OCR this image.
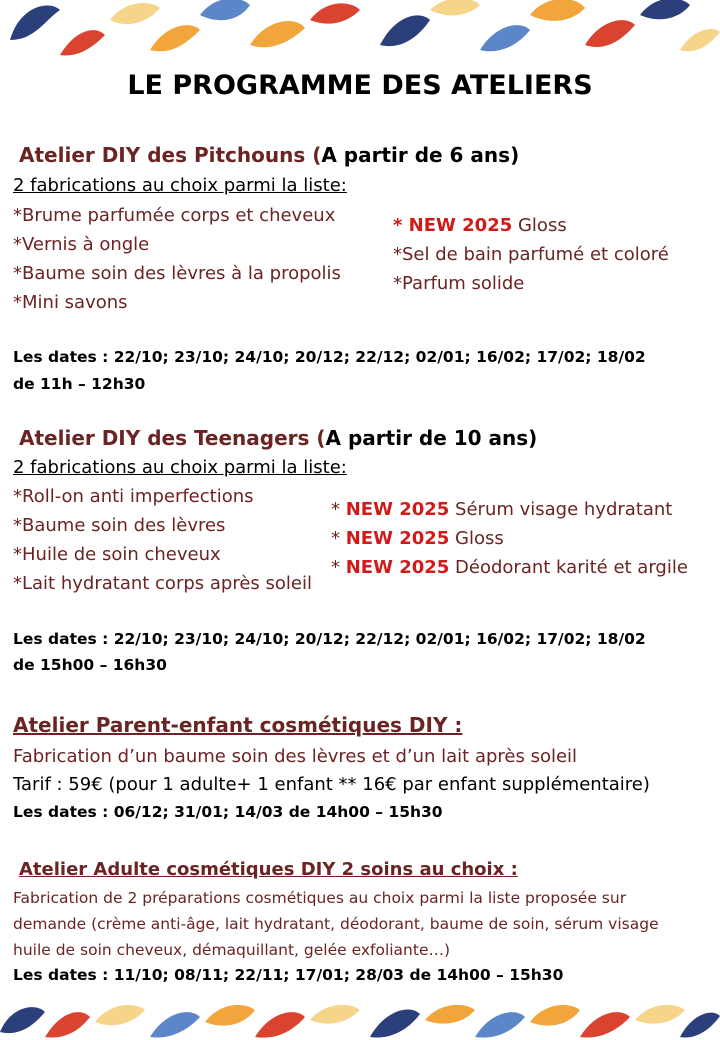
LE PROGRAMME DES ATELIERS
Atelier DIY des Pitchouns (A partir de 6 ans)
2 fabrications au choix parmi la liste:
*Brume parfumée corps et cheveux
*Vernis à ongle
*Baume soin des lèvres à la propolis
*Mini savons
* NEW 2025 Gloss
*Sel de bain parfumé et coloré
*Parfum solide
Les dates : 22/10; 23/10; 24/10; 20/12; 22/12; 02/01; 16/02; 17/02; 18/02
de 11h – 12h30
Atelier DIY des Teenagers (A partir de 10 ans)
2 fabrications au choix parmi la liste:
*Roll-on anti imperfections
*Baume soin des lèvres
*Huile de soin cheveux
*Lait hydratant corps après soleil
* NEW 2025 Sérum visage hydratant
* NEW 2025 Gloss
* NEW 2025 Déodorant karité et argile
Les dates : 22/10; 23/10; 24/10; 20/12; 22/12; 02/01; 16/02; 17/02; 18/02
de 15h00 – 16h30
Atelier Parent-enfant cosmétiques DIY :
Fabrication d’un baume soin des lèvres et d’un lait après soleil
Tarif : 59€ (pour 1 adulte+ 1 enfant ** 16€ par enfant supplémentaire)
Les dates : 06/12; 31/01; 14/03 de 14h00 – 15h30
Atelier Adulte cosmétiques DIY 2 soins au choix :
Fabrication de 2 préparations cosmétiques au choix parmi la liste proposée sur
demande (crème anti-âge, lait hydratant, déodorant, baume de soin, sérum visage
huile de soin cheveux, démaquillant, gelée exfoliante…)
Les dates : 11/10; 08/11; 22/11; 17/01; 28/03 de 14h00 – 15h30
